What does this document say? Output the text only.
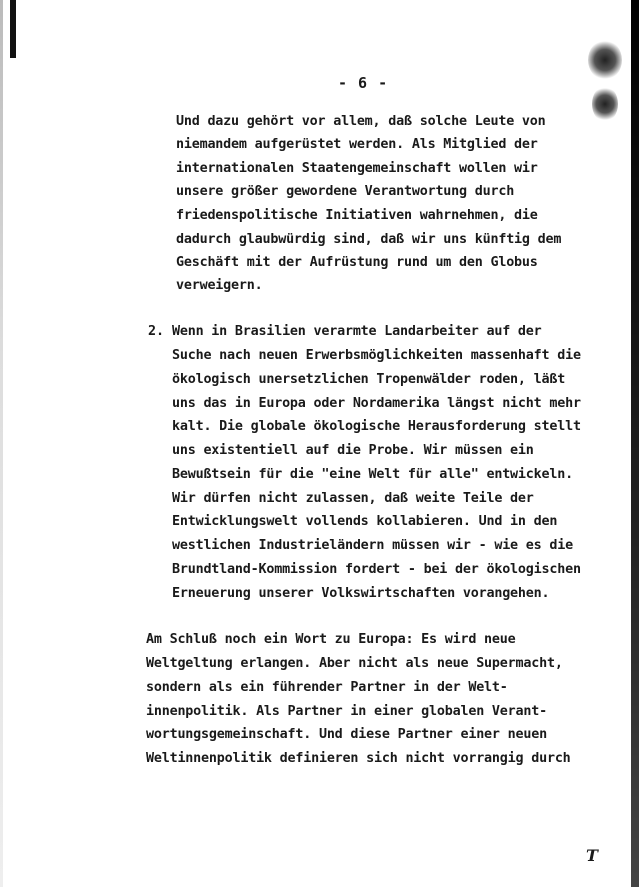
- 6 -
Und dazu gehört vor allem, daß solche Leute von
niemandem aufgerüstet werden. Als Mitglied der
internationalen Staatengemeinschaft wollen wir
unsere größer gewordene Verantwortung durch
friedenspolitische Initiativen wahrnehmen, die
dadurch glaubwürdig sind, daß wir uns künftig dem
Geschäft mit der Aufrüstung rund um den Globus
verweigern.
2. Wenn in Brasilien verarmte Landarbeiter auf der
Suche nach neuen Erwerbsmöglichkeiten massenhaft die
ökologisch unersetzlichen Tropenwälder roden, läßt
uns das in Europa oder Nordamerika längst nicht mehr
kalt. Die globale ökologische Herausforderung stellt
uns existentiell auf die Probe. Wir müssen ein
Bewußtsein für die "eine Welt für alle" entwickeln.
Wir dürfen nicht zulassen, daß weite Teile der
Entwicklungswelt vollends kollabieren. Und in den
westlichen Industrieländern müssen wir - wie es die
Brundtland-Kommission fordert - bei der ökologischen
Erneuerung unserer Volkswirtschaften vorangehen.
Am Schluß noch ein Wort zu Europa: Es wird neue
Weltgeltung erlangen. Aber nicht als neue Supermacht,
sondern als ein führender Partner in der Welt-
innenpolitik. Als Partner in einer globalen Verant-
wortungsgemeinschaft. Und diese Partner einer neuen
Weltinnenpolitik definieren sich nicht vorrangig durch
T
